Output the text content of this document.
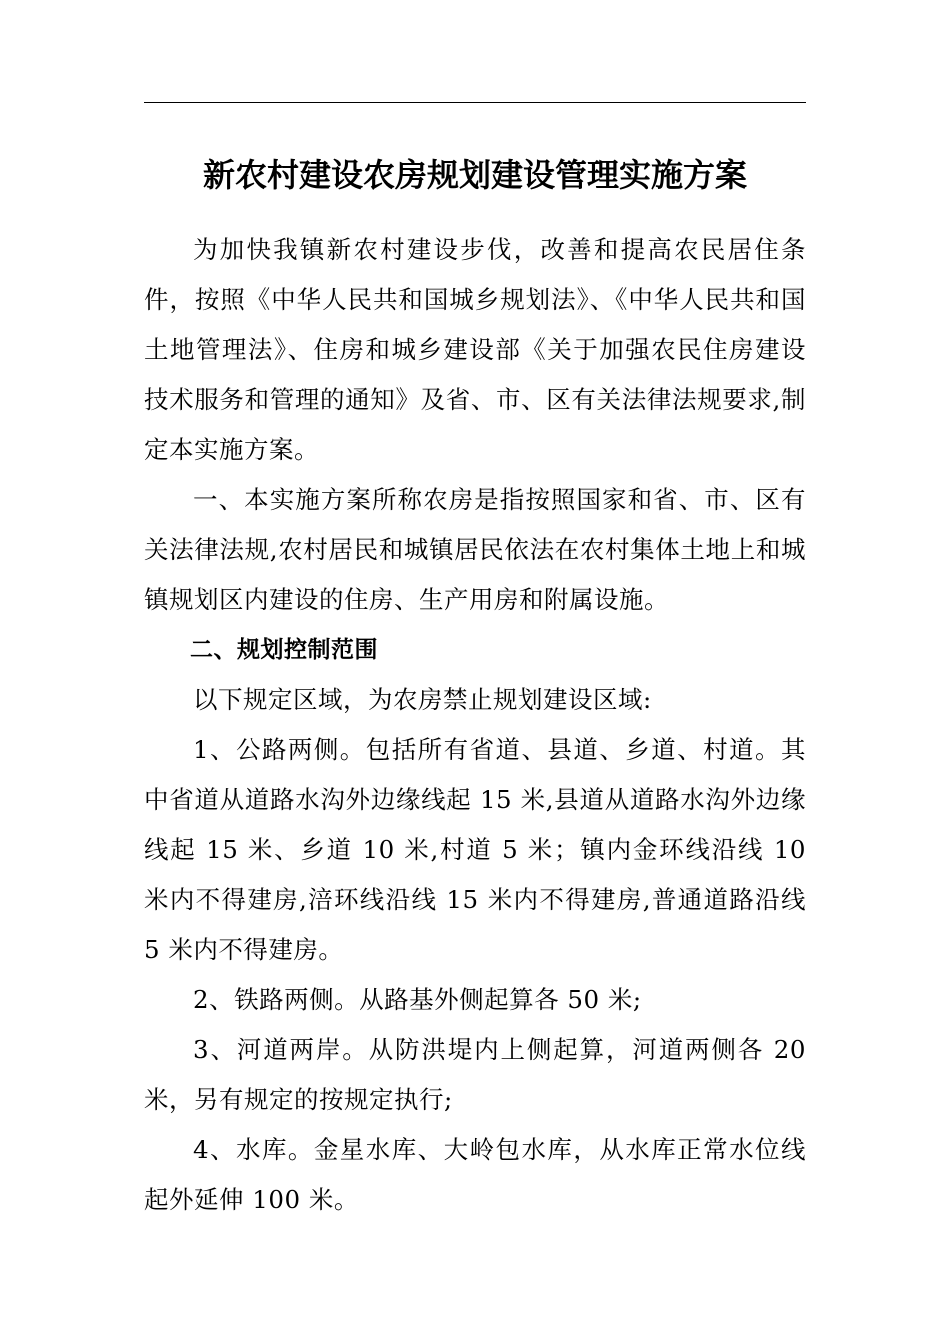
新农村建设农房规划建设管理实施方案

为加快我镇新农村建设步伐，改善和提高农民居住条件，按照《中华人民共和国城乡规划法》、《中华人民共和国土地管理法》、住房和城乡建设部《关于加强农民住房建设技术服务和管理的通知》及省、市、区有关法律法规要求,制定本实施方案。

一、本实施方案所称农房是指按照国家和省、市、区有关法律法规,农村居民和城镇居民依法在农村集体土地上和城镇规划区内建设的住房、生产用房和附属设施。

二、规划控制范围

以下规定区域，为农房禁止规划建设区域:

1、公路两侧。包括所有省道、县道、乡道、村道。其中省道从道路水沟外边缘线起 15 米,县道从道路水沟外边缘线起 15 米、乡道 10 米,村道 5 米；镇内金环线沿线 10 米内不得建房,涪环线沿线 15 米内不得建房,普通道路沿线 5 米内不得建房。

2、铁路两侧。从路基外侧起算各 50 米;

3、河道两岸。从防洪堤内上侧起算，河道两侧各 20 米，另有规定的按规定执行;

4、水库。金星水库、大岭包水库，从水库正常水位线起外延伸 100 米。
